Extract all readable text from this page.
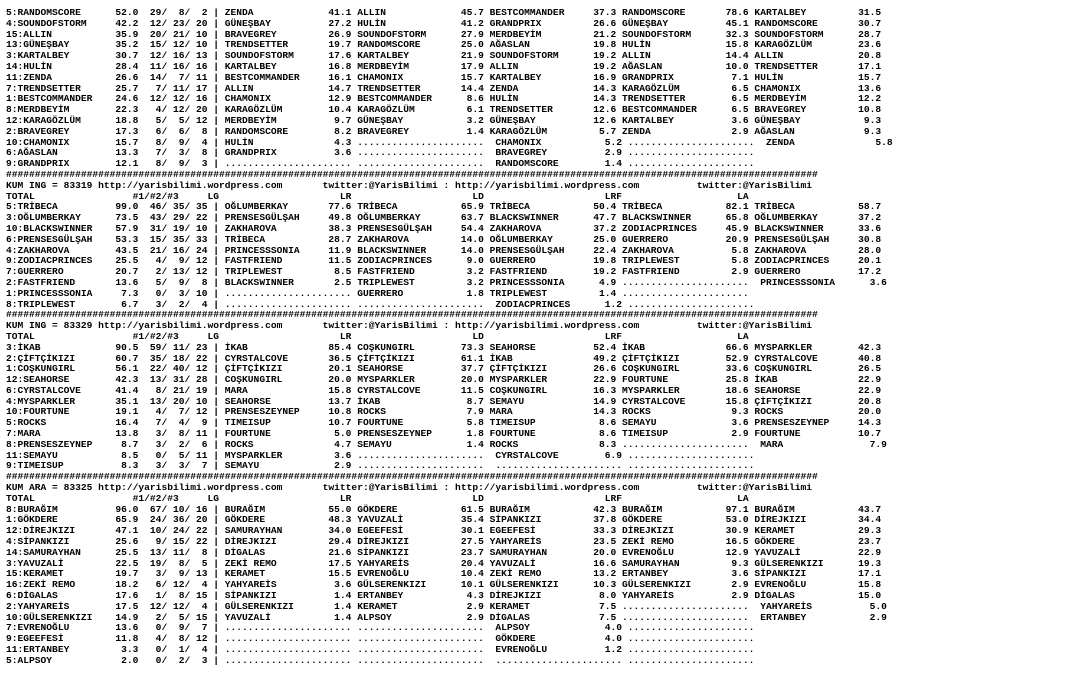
5:RANDOMSCORE      52.0  29/  8/  2 | ZENDA             41.1 ALLIN             45.7 BESTCOMMANDER     37.3 RANDOMSCORE       78.6 KARTALBEY         31.5
4:SOUNDOFSTORM     42.2  12/ 23/ 20 | GÜNEŞBAY          27.2 HULİN             41.2 GRANDPRIX         26.6 GÜNEŞBAY          45.1 RANDOMSCORE       30.7
15:ALLIN           35.9  20/ 21/ 10 | BRAVEGREY         26.9 SOUNDOFSTORM      27.9 MERDBEYİM         21.2 SOUNDOFSTORM      32.3 SOUNDOFSTORM      28.7
13:GÜNEŞBAY        35.2  15/ 12/ 10 | TRENDSETTER       19.7 RANDOMSCORE       25.0 AĞASLAN           19.8 HULİN             15.8 KARAGÖZLÜM        23.6
3:KARTALBEY        30.7  12/ 16/ 13 | SOUNDOFSTORM      17.6 KARTALBEY         21.9 SOUNDOFSTORM      19.2 ALLIN             14.4 ALLIN             20.8
14:HULİN           28.4  11/ 16/ 16 | KARTALBEY         16.8 MERDBEYİM         17.9 ALLIN             19.2 AĞASLAN           10.0 TRENDSETTER       17.1
11:ZENDA           26.6  14/  7/ 11 | BESTCOMMANDER     16.1 CHAMONIX          15.7 KARTALBEY         16.9 GRANDPRIX          7.1 HULİN             15.7
7:TRENDSETTER      25.7   7/ 11/ 17 | ALLIN             14.7 TRENDSETTER       14.4 ZENDA             14.3 KARAGÖZLÜM         6.5 CHAMONIX          13.6
1:BESTCOMMANDER    24.6  12/ 12/ 16 | CHAMONIX          12.9 BESTCOMMANDER      8.6 HULİN             14.3 TRENDSETTER        6.5 MERDBEYİM         12.2
8:MERDBEYİM        22.3   4/ 12/ 20 | KARAGÖZLÜM        10.4 KARAGÖZLÜM         6.1 TRENDSETTER       12.6 BESTCOMMANDER      6.5 BRAVEGREY         10.8
12:KARAGÖZLÜM      18.8   5/  5/ 12 | MERDBEYİM          9.7 GÜNEŞBAY           3.2 GÜNEŞBAY          12.6 KARTALBEY          3.6 GÜNEŞBAY           9.3
2:BRAVEGREY        17.3   6/  6/  8 | RANDOMSCORE        8.2 BRAVEGREY          1.4 KARAGÖZLÜM         5.7 ZENDA              2.9 AĞASLAN            9.3
10:CHAMONIX        15.7   8/  9/  4 | HULİN              4.3 ......................  CHAMONIX           5.2 ......................  ZENDA              5.8
6:AĞASLAN          13.3   7/  3/  8 | GRANDPRIX          3.6 ......................  BRAVEGREY          2.9 ......................
9:GRANDPRIX        12.1   8/  9/  3 | ...................... ......................  RANDOMSCORE        1.4 ......................
#############################################################################################################################################
KUM ING = 83319 http://yarisbilimi.wordpress.com       twitter:@YarisBilimi : http://yarisbilimi.wordpress.com          twitter:@YarisBilimi
TOTAL                 #1/#2/#3     LG                     LR                     LD                     LRF                    LA
5:TRİBECA          99.0  46/ 35/ 35 | OĞLUMBERKAY       77.6 TRİBECA           65.9 TRİBECA           50.4 TRİBECA           82.1 TRİBECA           58.7
3:OĞLUMBERKAY      73.5  43/ 29/ 22 | PRENSESGÜLŞAH     49.8 OĞLUMBERKAY       63.7 BLACKSWINNER      47.7 BLACKSWINNER      65.8 OĞLUMBERKAY       37.2
10:BLACKSWINNER    57.9  31/ 19/ 10 | ZAKHAROVA         38.3 PRENSESGÜLŞAH     54.4 ZAKHAROVA         37.2 ZODIACPRINCES     45.9 BLACKSWINNER      33.6
6:PRENSESGÜLŞAH    53.3  15/ 35/ 33 | TRİBECA           28.7 ZAKHAROVA         14.0 OĞLUMBERKAY       25.0 GUERRERO          20.9 PRENSESGÜLŞAH     30.8
4:ZAKHAROVA        43.5  21/ 16/ 24 | PRINCESSSONIA     11.9 BLACKSWINNER      14.0 PRENSESGÜLŞAH     22.4 ZAKHAROVA          5.8 ZAKHAROVA         28.0
9:ZODIACPRINCES    25.5   4/  9/ 12 | FASTFRIEND        11.5 ZODIACPRINCES      9.0 GUERRERO          19.8 TRIPLEWEST         5.8 ZODIACPRINCES     20.1
7:GUERRERO         20.7   2/ 13/ 12 | TRIPLEWEST         8.5 FASTFRIEND         3.2 FASTFRIEND        19.2 FASTFRIEND         2.9 GUERRERO          17.2
2:FASTFRIEND       13.6   5/  9/  8 | BLACKSWINNER       2.5 TRIPLEWEST         3.2 PRINCESSSONIA      4.9 ......................  PRINCESSSONIA      3.6
1:PRINCESSSONIA     7.3   0/  3/ 10 | ...................... GUERRERO           1.8 TRIPLEWEST         1.4 ......................
8:TRIPLEWEST        6.7   3/  2/  4 | ...................... ......................  ZODIACPRINCES      1.2 ......................
#############################################################################################################################################
KUM ING = 83329 http://yarisbilimi.wordpress.com       twitter:@YarisBilimi : http://yarisbilimi.wordpress.com          twitter:@YarisBilimi
TOTAL                 #1/#2/#3     LG                     LR                     LD                     LRF                    LA
3:İKAB             90.5  59/ 11/ 23 | İKAB              85.4 COŞKUNGIRL        73.3 SEAHORSE          52.4 İKAB              66.6 MYSPARKLER        42.3
2:ÇİFTÇİKIZI       60.7  35/ 18/ 22 | CYRSTALCOVE       36.5 ÇİFTÇİKIZI        61.1 İKAB              49.2 ÇİFTÇİKIZI        52.9 CYRSTALCOVE       40.8
1:COŞKUNGIRL       56.1  22/ 40/ 12 | ÇİFTÇİKIZI        20.1 SEAHORSE          37.7 ÇİFTÇİKIZI        26.6 COŞKUNGIRL        33.6 COŞKUNGIRL        26.5
12:SEAHORSE        42.3  13/ 31/ 28 | COŞKUNGIRL        20.0 MYSPARKLER        20.0 MYSPARKLER        22.9 FOURTUNE          25.8 İKAB              22.9
6:CYRSTALCOVE      41.4   8/ 21/ 19 | MARA              15.8 CYRSTALCOVE       11.5 COŞKUNGIRL        16.3 MYSPARKLER        18.6 SEAHORSE          22.9
4:MYSPARKLER       35.1  13/ 20/ 10 | SEAHORSE          13.7 İKAB               8.7 SEMAYU            14.9 CYRSTALCOVE       15.8 ÇİFTÇİKIZI        20.8
10:FOURTUNE        19.1   4/  7/ 12 | PRENSESZEYNEP     10.8 ROCKS              7.9 MARA              14.3 ROCKS              9.3 ROCKS             20.0
5:ROCKS            16.4   7/  4/  9 | TIMEISUP          10.7 FOURTUNE           5.8 TIMEISUP           8.6 SEMAYU             3.6 PRENSESZEYNEP     14.3
7:MARA             13.8   3/  8/ 11 | FOURTUNE           5.0 PRENSESZEYNEP      1.8 FOURTUNE           8.6 TIMEISUP           2.9 FOURTUNE          10.7
8:PRENSESZEYNEP     8.7   3/  2/  6 | ROCKS              4.7 SEMAYU             1.4 ROCKS              8.3 ......................  MARA               7.9
11:SEMAYU           8.5   0/  5/ 11 | MYSPARKLER         3.6 ......................  CYRSTALCOVE        6.9 ......................
9:TIMEISUP          8.3   3/  3/  7 | SEMAYU             2.9 ......................  ...................... ......................
#############################################################################################################################################
KUM ARA = 83325 http://yarisbilimi.wordpress.com       twitter:@YarisBilimi : http://yarisbilimi.wordpress.com          twitter:@YarisBilimi
TOTAL                 #1/#2/#3     LG                     LR                     LD                     LRF                    LA
8:BURAĞIM          96.0  67/ 10/ 16 | BURAĞIM           55.0 GÖKDERE           61.5 BURAĞIM           42.3 BURAĞIM           97.1 BURAĞIM           43.7
1:GÖKDERE          65.9  24/ 36/ 20 | GÖKDERE           48.3 YAVUZALİ          35.4 SİPANKIZI         37.8 GÖKDERE           53.0 DİREJKIZI         34.4
12:DİREJKIZI       47.1  10/ 24/ 22 | SAMURAYHAN        34.0 EGEEFESİ          30.1 EGEEFESİ          33.3 DİREJKIZI         30.9 KERAMET           29.3
4:SİPANKIZI        25.6   9/ 15/ 22 | DİREJKIZI         29.4 DİREJKIZI         27.5 YAHYAREİS         23.5 ZEKİ REMO         16.5 GÖKDERE           23.7
14:SAMURAYHAN      25.5  13/ 11/  8 | DİGALAS           21.6 SİPANKIZI         23.7 SAMURAYHAN        20.0 EVRENOĞLU         12.9 YAVUZALİ          22.9
3:YAVUZALİ         22.5  19/  8/  5 | ZEKİ REMO         17.5 YAHYAREİS         20.4 YAVUZALİ          16.6 SAMURAYHAN         9.3 GÜLSERENKIZI      19.3
15:KERAMET         19.7   3/  9/ 13 | KERAMET           15.5 EVRENOĞLU         10.4 ZEKİ REMO         13.2 ERTANBEY           3.6 SİPANKIZI         17.1
16:ZEKİ REMO       18.2   6/ 12/  4 | YAHYAREİS          3.6 GÜLSERENKIZI      10.1 GÜLSERENKIZI      10.3 GÜLSERENKIZI       2.9 EVRENOĞLU         15.8
6:DİGALAS          17.6   1/  8/ 15 | SİPANKIZI          1.4 ERTANBEY           4.3 DİREJKIZI          8.0 YAHYAREİS          2.9 DİGALAS           15.0
2:YAHYAREİS        17.5  12/ 12/  4 | GÜLSERENKIZI       1.4 KERAMET            2.9 KERAMET            7.5 ......................  YAHYAREİS          5.0
10:GÜLSERENKIZI    14.9   2/  5/ 15 | YAVUZALİ           1.4 ALPSOY             2.9 DİGALAS            7.5 ......................  ERTANBEY           2.9
7:EVRENOĞLU        13.6   0/  9/  7 | ...................... ......................  ALPSOY             4.0 ......................
9:EGEEFESİ         11.8   4/  8/ 12 | ...................... ......................  GÖKDERE            4.0 ......................
11:ERTANBEY         3.3   0/  1/  4 | ...................... ......................  EVRENOĞLU          1.2 ......................
5:ALPSOY            2.0   0/  2/  3 | ...................... ......................  ...................... ......................
